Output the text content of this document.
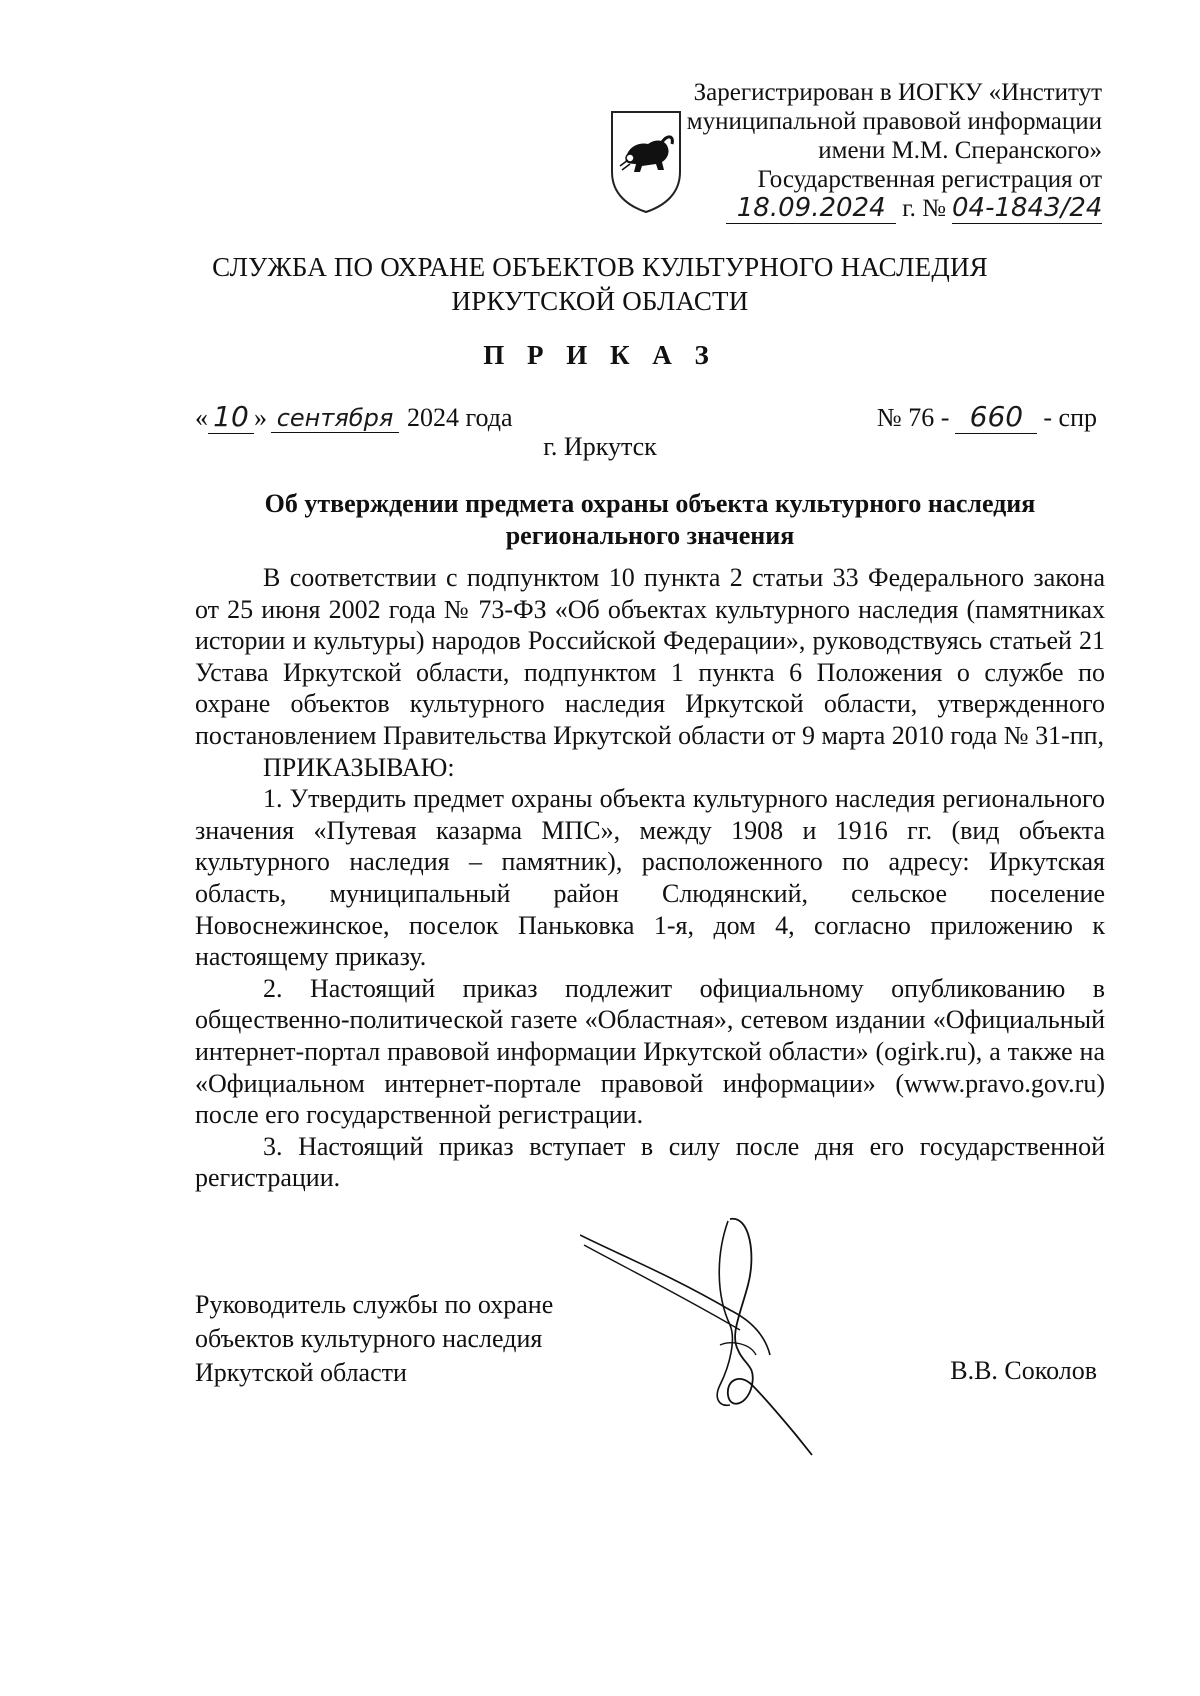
Зарегистрирован в ИОГКУ «Институт
муниципальной правовой информации
имени М.М. Сперанского»
Государственная регистрация от
18.09.2024 г. № 04-1843/24
СЛУЖБА ПО ОХРАНЕ ОБЪЕКТОВ КУЛЬТУРНОГО НАСЛЕДИЯ
ИРКУТСКОЙ ОБЛАСТИ
П Р И К А З
« 10 » сентября 2024 года	№ 76 - 660 - спр
г. Иркутск
Об утверждении предмета охраны объекта культурного наследия
регионального значения

В соответствии с подпунктом 10 пункта 2 статьи 33 Федерального закона от 25 июня 2002 года № 73-ФЗ «Об объектах культурного наследия (памятниках истории и культуры) народов Российской Федерации», руководствуясь статьей 21 Устава Иркутской области, подпунктом 1 пункта 6 Положения о службе по охране объектов культурного наследия Иркутской области, утвержденного постановлением Правительства Иркутской области от 9 марта 2010 года № 31-пп,

ПРИКАЗЫВАЮ:

1. Утвердить предмет охраны объекта культурного наследия регионального значения «Путевая казарма МПС», между 1908 и 1916 гг. (вид объекта культурного наследия – памятник), расположенного по адресу: Иркутская область, муниципальный район Слюдянский, сельское поселение Новоснежинское, поселок Паньковка 1-я, дом 4, согласно приложению к настоящему приказу.

2. Настоящий приказ подлежит официальному опубликованию в общественно-политической газете «Областная», сетевом издании «Официальный интернет-портал правовой информации Иркутской области» (ogirk.ru), а также на «Официальном интернет-портале правовой информации» (www.pravo.gov.ru) после его государственной регистрации.

3. Настоящий приказ вступает в силу после дня его государственной регистрации.

Руководитель службы по охране
объектов культурного наследия
Иркутской области	В.В. Соколов
